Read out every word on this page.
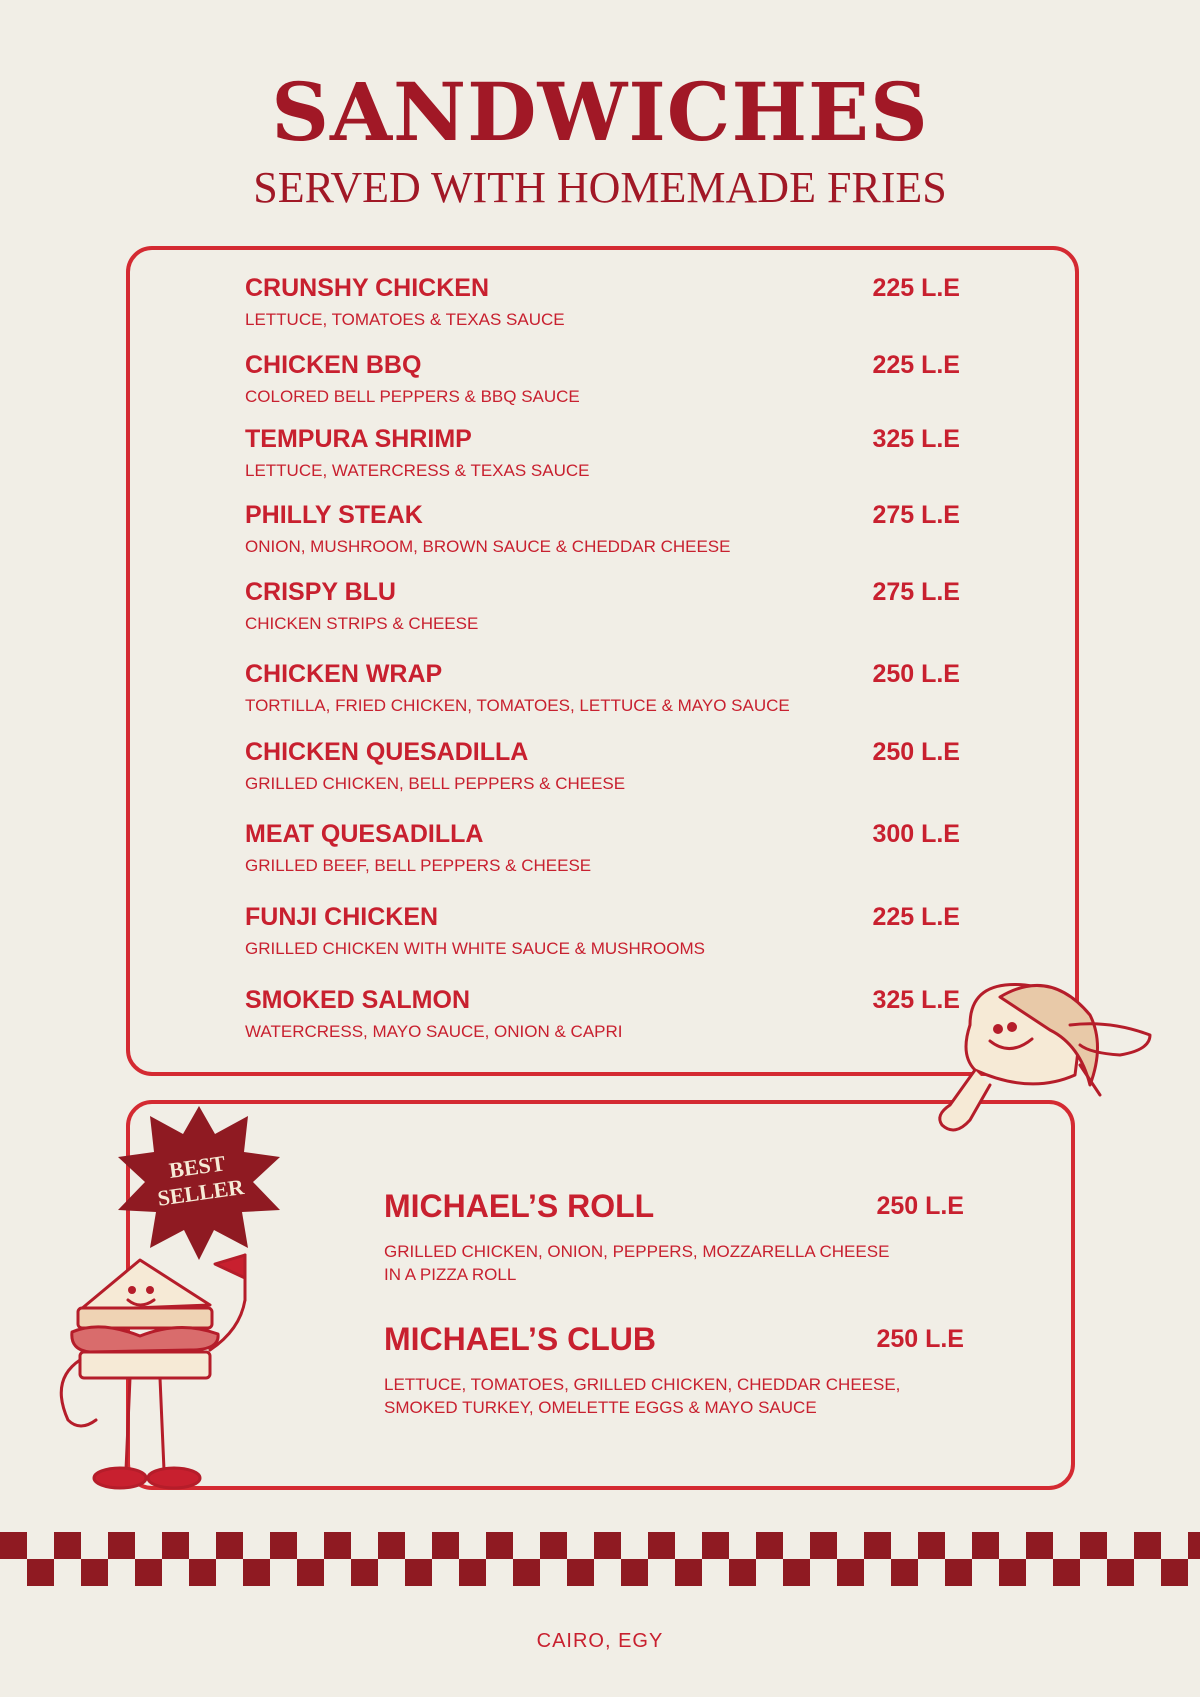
SANDWICHES
SERVED WITH HOMEMADE FRIES
CRUNSHY CHICKEN
LETTUCE, TOMATOES & TEXAS SAUCE
225 L.E
CHICKEN BBQ
COLORED BELL PEPPERS & BBQ SAUCE
225 L.E
TEMPURA SHRIMP
LETTUCE, WATERCRESS & TEXAS SAUCE
325 L.E
PHILLY STEAK
ONION, MUSHROOM, BROWN SAUCE & CHEDDAR CHEESE
275 L.E
CRISPY BLU
CHICKEN STRIPS & CHEESE
275 L.E
CHICKEN WRAP
TORTILLA, FRIED CHICKEN, TOMATOES, LETTUCE & MAYO SAUCE
250 L.E
CHICKEN QUESADILLA
GRILLED CHICKEN, BELL PEPPERS & CHEESE
250 L.E
MEAT QUESADILLA
GRILLED BEEF, BELL PEPPERS & CHEESE
300 L.E
FUNJI CHICKEN
GRILLED CHICKEN WITH WHITE SAUCE & MUSHROOMS
225 L.E
SMOKED SALMON
WATERCRESS, MAYO SAUCE, ONION & CAPRI
325 L.E
MICHAEL’S ROLL
GRILLED CHICKEN, ONION, PEPPERS, MOZZARELLA CHEESE
IN A PIZZA ROLL
250 L.E
MICHAEL’S CLUB
LETTUCE, TOMATOES, GRILLED CHICKEN, CHEDDAR CHEESE,
SMOKED TURKEY, OMELETTE EGGS & MAYO SAUCE
250 L.E
BEST
SELLER
CAIRO, EGY
